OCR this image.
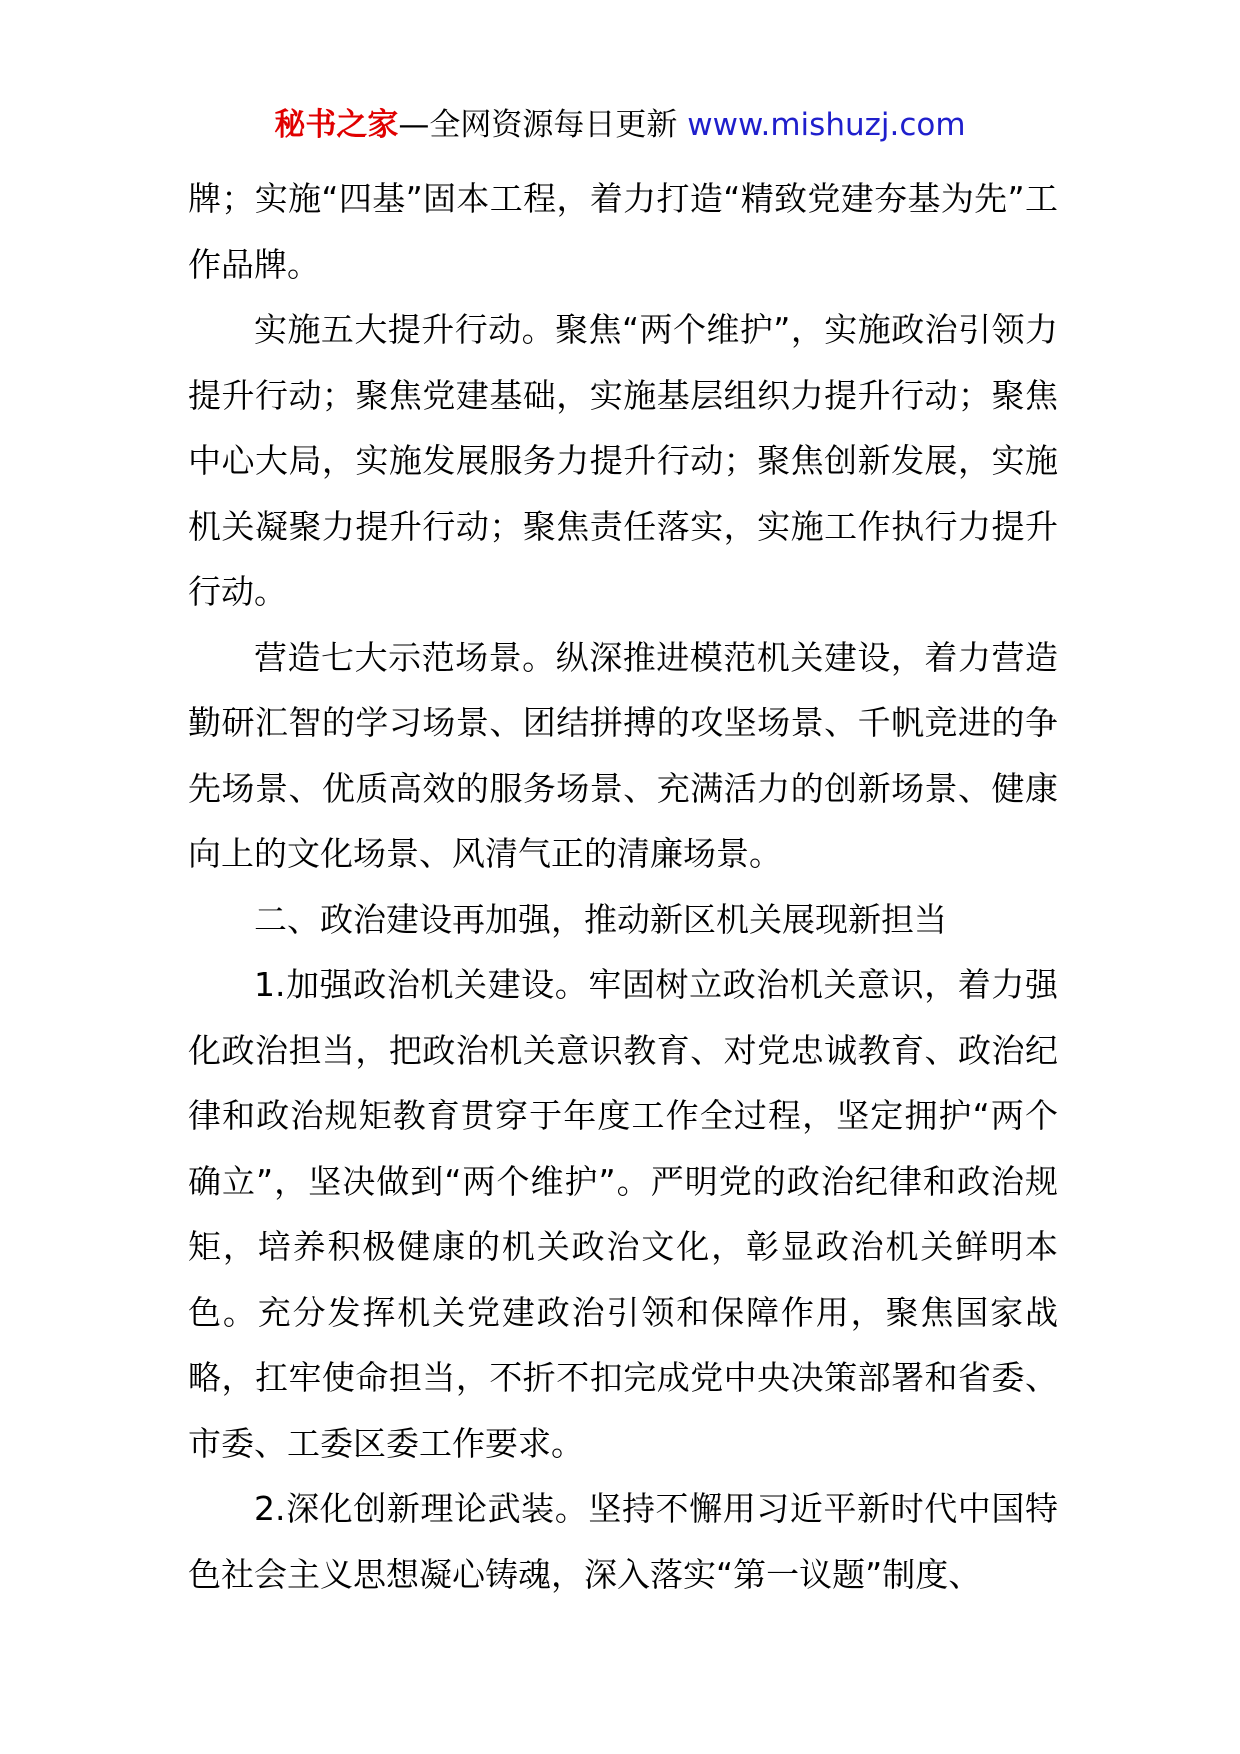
秘书之家—全网资源每日更新 www.mishuzj.com

牌；实施“四基”固本工程，着力打造“精致党建夯基为先”工作品牌。

实施五大提升行动。聚焦“两个维护”，实施政治引领力提升行动；聚焦党建基础，实施基层组织力提升行动；聚焦中心大局，实施发展服务力提升行动；聚焦创新发展，实施机关凝聚力提升行动；聚焦责任落实，实施工作执行力提升行动。

营造七大示范场景。纵深推进模范机关建设，着力营造勤研汇智的学习场景、团结拼搏的攻坚场景、千帆竞进的争先场景、优质高效的服务场景、充满活力的创新场景、健康向上的文化场景、风清气正的清廉场景。

二、政治建设再加强，推动新区机关展现新担当

1.加强政治机关建设。牢固树立政治机关意识，着力强化政治担当，把政治机关意识教育、对党忠诚教育、政治纪律和政治规矩教育贯穿于年度工作全过程，坚定拥护“两个确立”，坚决做到“两个维护”。严明党的政治纪律和政治规矩，培养积极健康的机关政治文化，彰显政治机关鲜明本色。充分发挥机关党建政治引领和保障作用，聚焦国家战略，扛牢使命担当，不折不扣完成党中央决策部署和省委、市委、工委区委工作要求。

2.深化创新理论武装。坚持不懈用习近平新时代中国特色社会主义思想凝心铸魂，深入落实“第一议题”制度、
